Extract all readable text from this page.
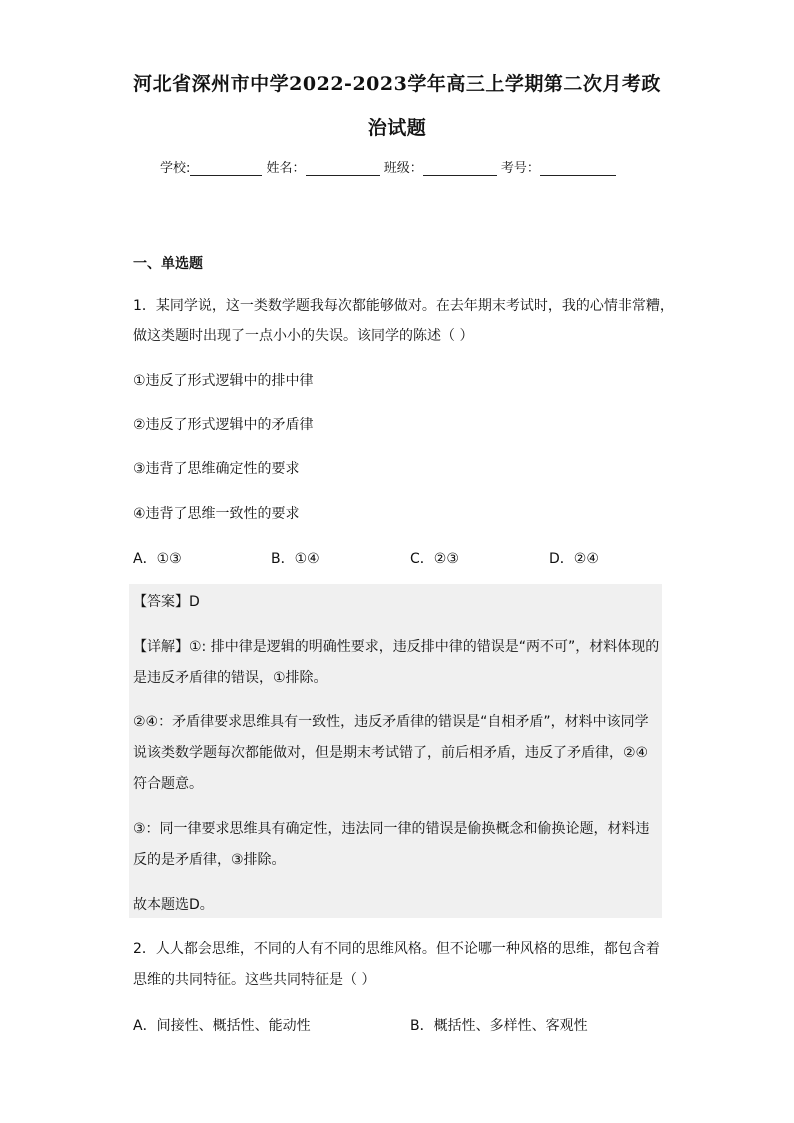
河北省深州市中学2022-2023学年高三上学期第二次月考政
治试题
学校:	姓名：	班级：	考号：
一、单选题
1．某同学说，这一类数学题我每次都能够做对。在去年期末考试时，我的心情非常糟，
做这类题时出现了一点小小的失误。该同学的陈述（ ）
①违反了形式逻辑中的排中律
②违反了形式逻辑中的矛盾律
③违背了思维确定性的要求
④违背了思维一致性的要求
A．①③	B．①④	C．②③	D．②④
【答案】D
【详解】①: 排中律是逻辑的明确性要求，违反排中律的错误是“两不可”，材料体现的
是违反矛盾律的错误，①排除。
②④：矛盾律要求思维具有一致性，违反矛盾律的错误是“自相矛盾”，材料中该同学
说该类数学题每次都能做对，但是期末考试错了，前后相矛盾，违反了矛盾律，②④
符合题意。
③：同一律要求思维具有确定性，违法同一律的错误是偷换概念和偷换论题，材料违
反的是矛盾律，③排除。
故本题选D。
2．人人都会思维，不同的人有不同的思维风格。但不论哪一种风格的思维，都包含着
思维的共同特征。这些共同特征是（ ）
A．间接性、概括性、能动性	B．概括性、多样性、客观性
